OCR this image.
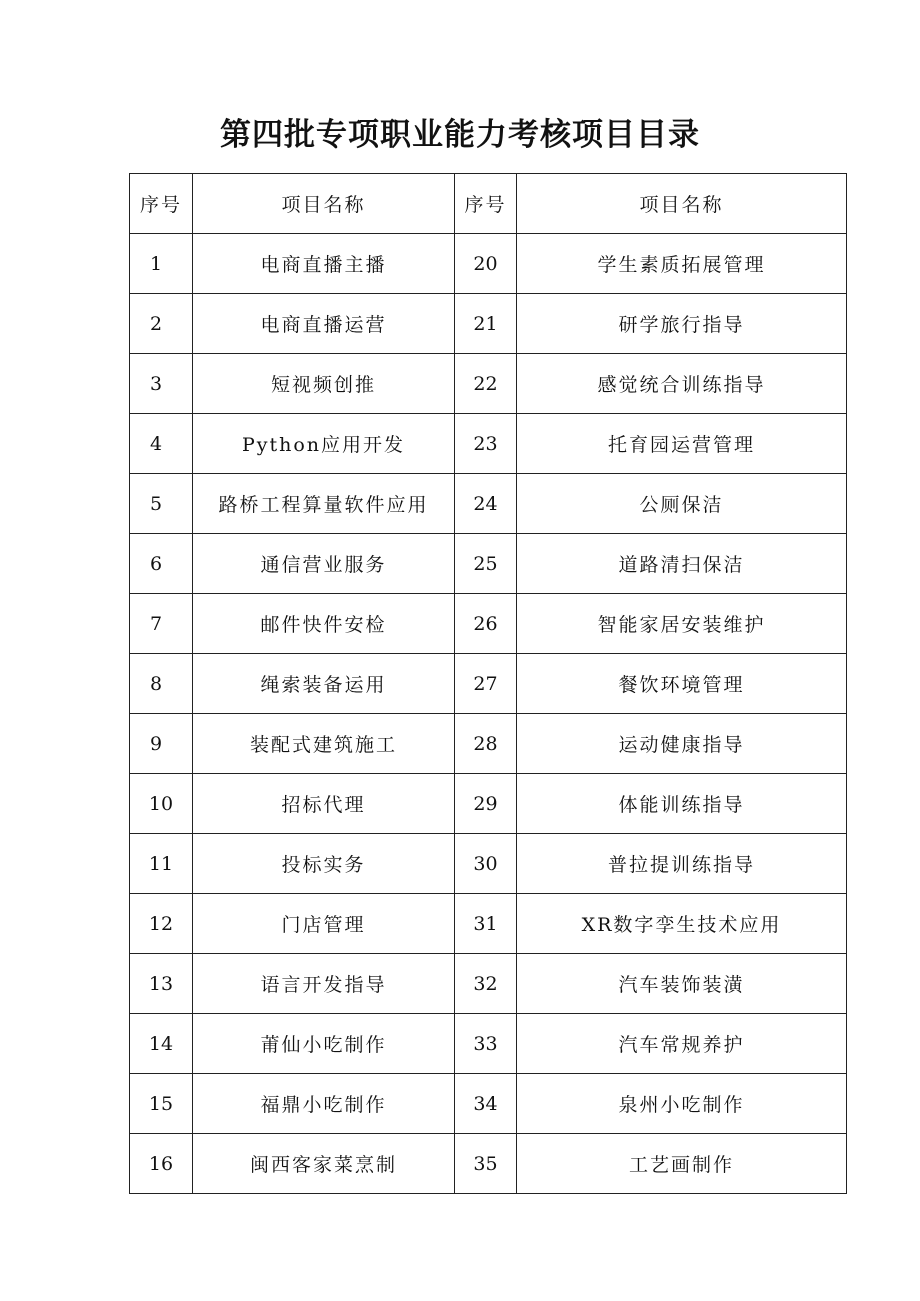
第四批专项职业能力考核项目目录
序号	项目名称	序号	项目名称
1	电商直播主播	20	学生素质拓展管理
2	电商直播运营	21	研学旅行指导
3	短视频创推	22	感觉统合训练指导
4	Python应用开发	23	托育园运营管理
5	路桥工程算量软件应用	24	公厕保洁
6	通信营业服务	25	道路清扫保洁
7	邮件快件安检	26	智能家居安装维护
8	绳索装备运用	27	餐饮环境管理
9	装配式建筑施工	28	运动健康指导
10	招标代理	29	体能训练指导
11	投标实务	30	普拉提训练指导
12	门店管理	31	XR数字孪生技术应用
13	语言开发指导	32	汽车装饰装潢
14	莆仙小吃制作	33	汽车常规养护
15	福鼎小吃制作	34	泉州小吃制作
16	闽西客家菜烹制	35	工艺画制作
